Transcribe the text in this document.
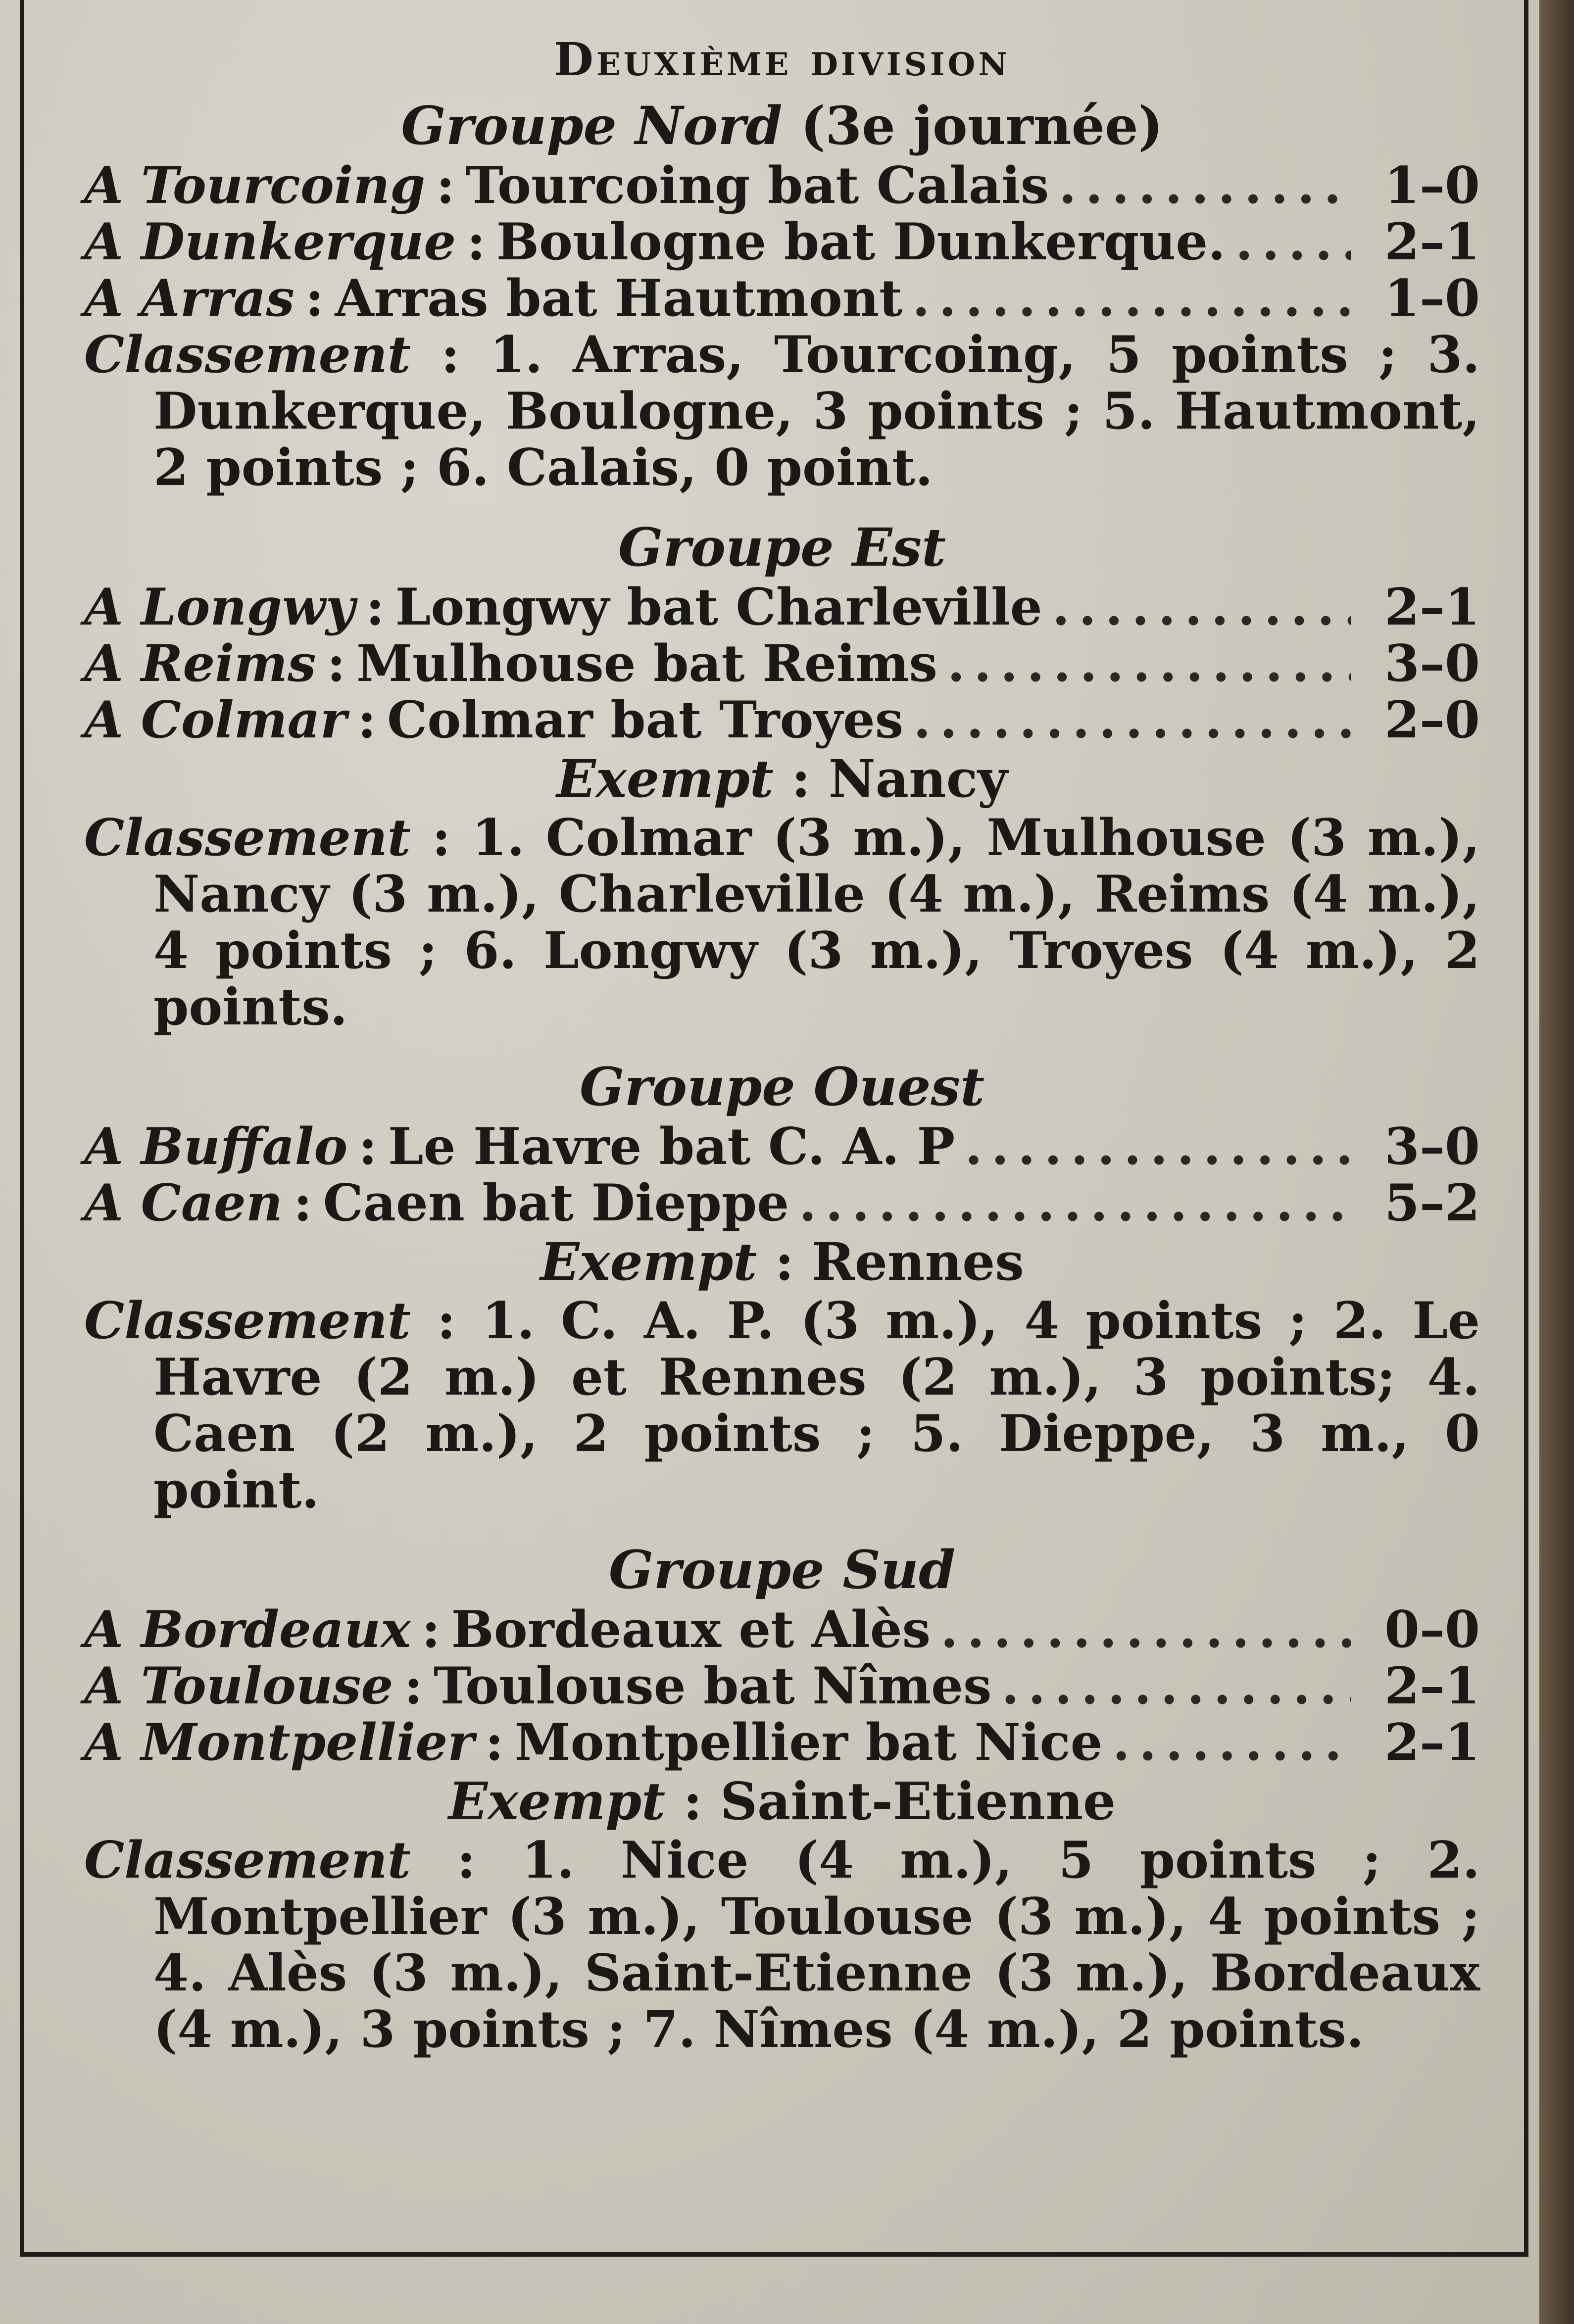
Deuxième division
Groupe Nord (3e journée)
A Tourcoing : Tourcoing bat Calais .....	1–0
A Dunkerque : Boulogne bat Dunkerque. .....	2–1
A Arras : Arras bat Hautmont .....	1–0

Classement : 1. Arras, Tourcoing, 5 points ; 3. Dunkerque, Boulogne, 3 points ; 5. Hautmont, 2 points ; 6. Calais, 0 point.

Groupe Est
A Longwy : Longwy bat Charleville .....	2–1
A Reims : Mulhouse bat Reims .....	3–0
A Colmar : Colmar bat Troyes .....	2–0
Exempt : Nancy

Classement : 1. Colmar (3 m.), Mulhouse (3 m.), Nancy (3 m.), Charleville (4 m.), Reims (4 m.), 4 points ; 6. Longwy (3 m.), Troyes (4 m.), 2 points.

Groupe Ouest
A Buffalo : Le Havre bat C. A. P .....	3–0
A Caen : Caen bat Dieppe .....	5–2
Exempt : Rennes

Classement : 1. C. A. P. (3 m.), 4 points ; 2. Le Havre (2 m.) et Rennes (2 m.), 3 points; 4. Caen (2 m.), 2 points ; 5. Dieppe, 3 m., 0 point.

Groupe Sud
A Bordeaux : Bordeaux et Alès .....	0–0
A Toulouse : Toulouse bat Nîmes .....	2–1
A Montpellier : Montpellier bat Nice .....	2–1
Exempt : Saint-Etienne

Classement : 1. Nice (4 m.), 5 points ; 2. Montpellier (3 m.), Toulouse (3 m.), 4 points ; 4. Alès (3 m.), Saint-Etienne (3 m.), Bordeaux (4 m.), 3 points ; 7. Nîmes (4 m.), 2 points.
